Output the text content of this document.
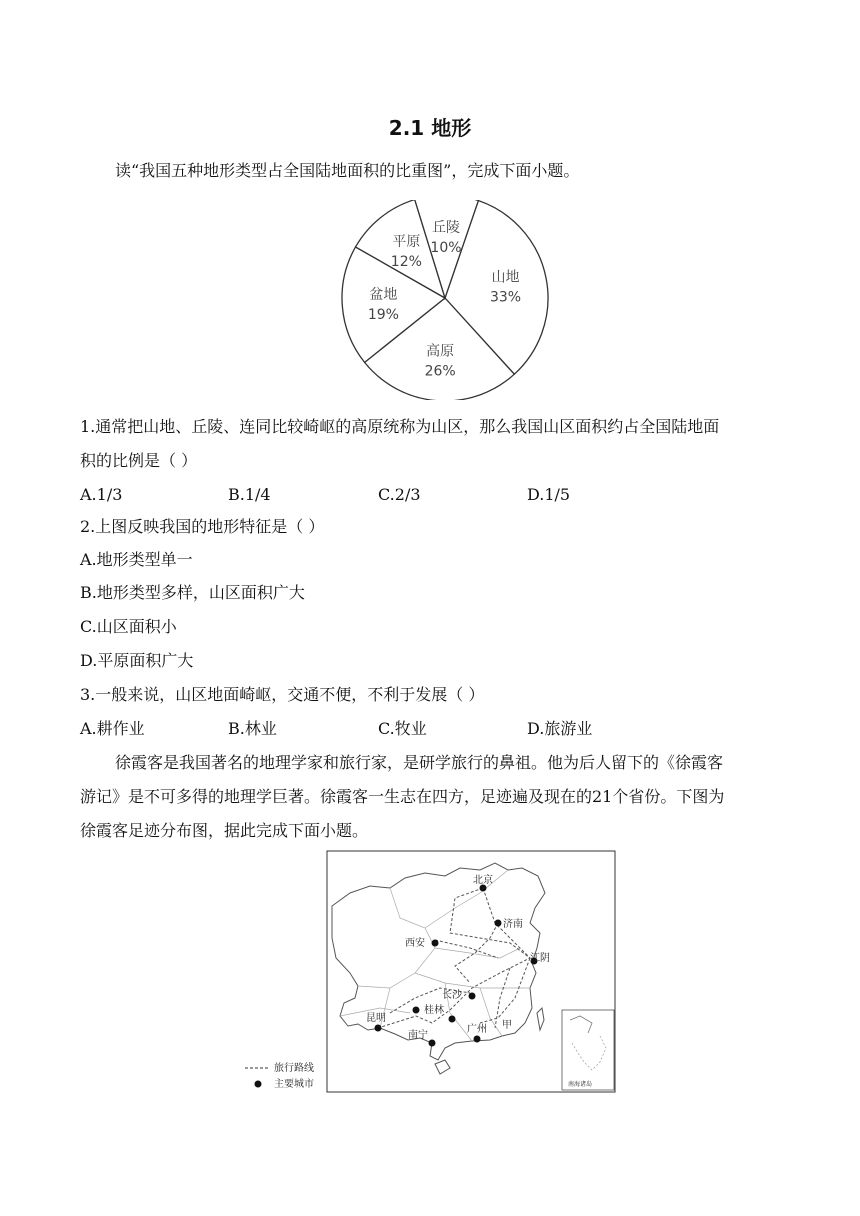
2.1 地形
读“我国五种地形类型占全国陆地面积的比重图”，完成下面小题。
山地
33%
高原
26%
盆地
19%
平原
12%
丘陵
10%
1.通常把山地、丘陵、连同比较崎岖的高原统称为山区，那么我国山区面积约占全国陆地面
积的比例是（ ）
A.1/3	B.1/4	C.2/3	D.1/5
2.上图反映我国的地形特征是（ ）
A.地形类型单一
B.地形类型多样，山区面积广大
C.山区面积小
D.平原面积广大
3.一般来说，山区地面崎岖，交通不便，不利于发展（ ）
A.耕作业	B.林业	C.牧业	D.旅游业
徐霞客是我国著名的地理学家和旅行家，是研学旅行的鼻祖。他为后人留下的《徐霞客
游记》是不可多得的地理学巨著。徐霞客一生志在四方，足迹遍及现在的21个省份。下图为
徐霞客足迹分布图，据此完成下面小题。
北京
济南
西安
江阴
长沙
桂林
昆明
南宁
广州 甲
南海诸岛
旅行路线
主要城市
